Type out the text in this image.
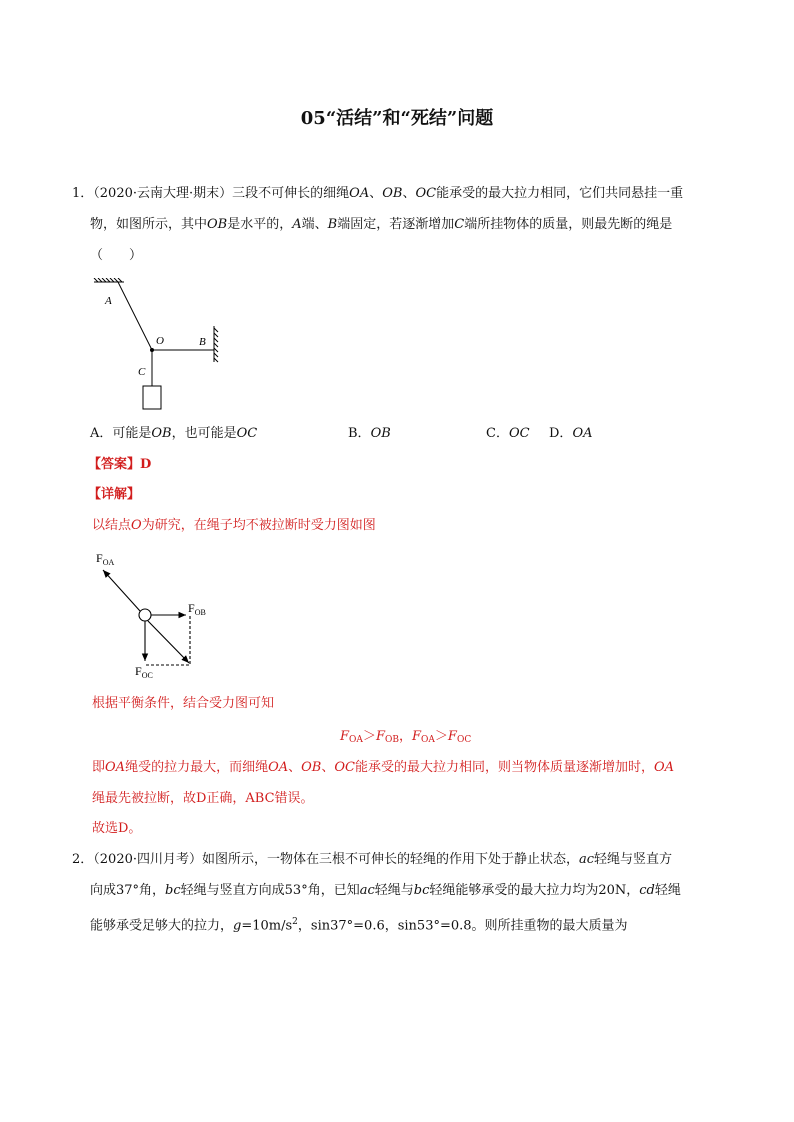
05“活结”和“死结”问题
1．（2020·云南大理·期末）三段不可伸长的细绳OA、OB、OC能承受的最大拉力相同，它们共同悬挂一重
物，如图所示，其中OB是水平的，A端、B端固定，若逐渐增加C端所挂物体的质量，则最先断的绳是
（　　）
A
O	B
C
A．可能是OB，也可能是OC	B．OB	C．OC D．OA
【答案】D
【详解】
以结点O为研究，在绳子均不被拉断时受力图如图
$F_{OA}$
$F_{OB}$
$F_{OC}$
根据平衡条件，结合受力图可知
$F_{OA}>F_{OB}$，$F_{OA}>F_{OC}$
即OA绳受的拉力最大，而细绳OA、OB、OC能承受的最大拉力相同，则当物体质量逐渐增加时，OA
绳最先被拉断，故D正确，ABC错误。
故选D。
2．（2020·四川月考）如图所示，一物体在三根不可伸长的轻绳的作用下处于静止状态，ac轻绳与竖直方
向成37°角，bc轻绳与竖直方向成53°角，已知ac轻绳与bc轻绳能够承受的最大拉力均为20N，cd轻绳
能够承受足够大的拉力，$g=10m/s^2$，sin37°=0.6，sin53°=0.8。则所挂重物的最大质量为
